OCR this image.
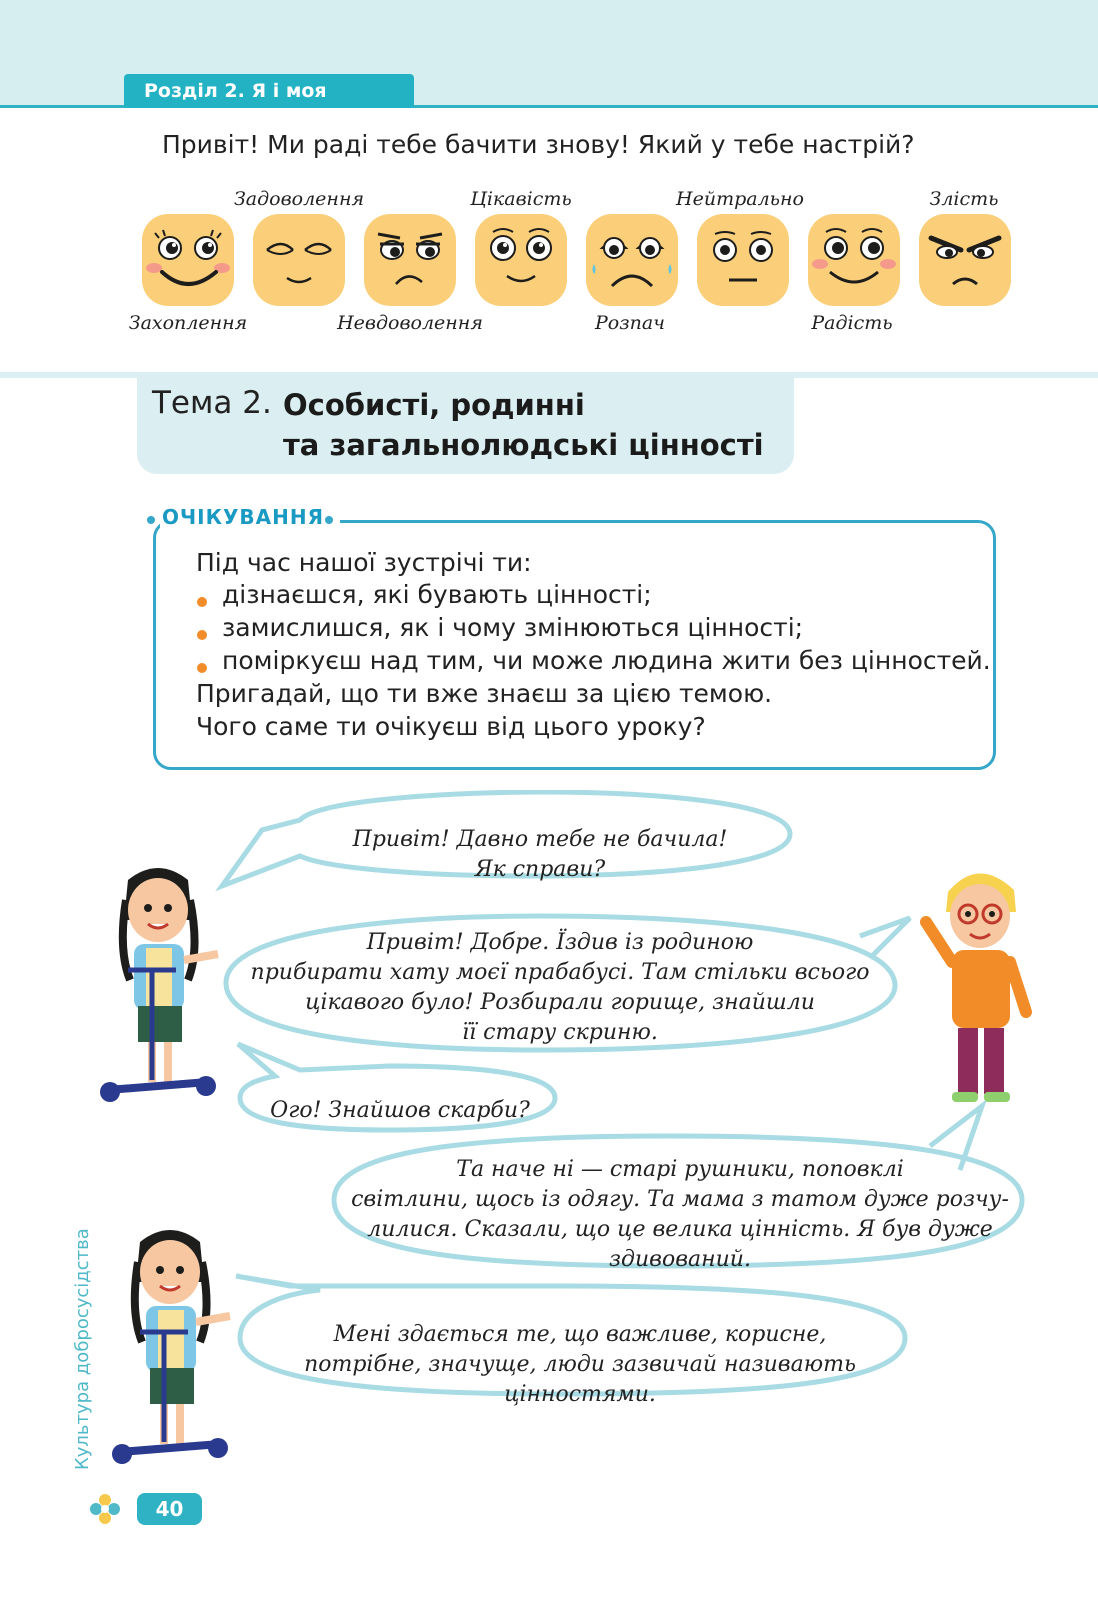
Розділ 2. Я і моя родина
Привіт! Ми раді тебе бачити знову! Який у тебе настрій?
Захоплення
Задоволення
Невдоволення
Цікавість
Розпач
Нейтрально
Радість
Злість
Тема 2. Особисті, родинні
та загальнолюдські цінності
ОЧІКУВАННЯ
Під час нашої зустрічі ти:
дізнаєшся, які бувають цінності;
замислишся, як і чому змінюються цінності;
поміркуєш над тим, чи може людина жити без цінностей.
Пригадай, що ти вже знаєш за цією темою.
Чого саме ти очікуєш від цього уроку?
Привіт! Давно тебе не бачила!
Як справи?
Привіт! Добре. Їздив із родиною
прибирати хату моєї прабабусі. Там стільки всього
цікавого було! Розбирали горище, знайшли
її стару скриню.
Ого! Знайшов скарби?
Та наче ні — старі рушники, поповклі
світлини, щось із одягу. Та мама з татом дуже розчу-
лилися. Сказали, що це велика цінність. Я був дуже
здивований.
Мені здається те, що важливе, корисне,
потрібне, значуще, люди зазвичай називають
цінностями.
Культура добросусідства
40
